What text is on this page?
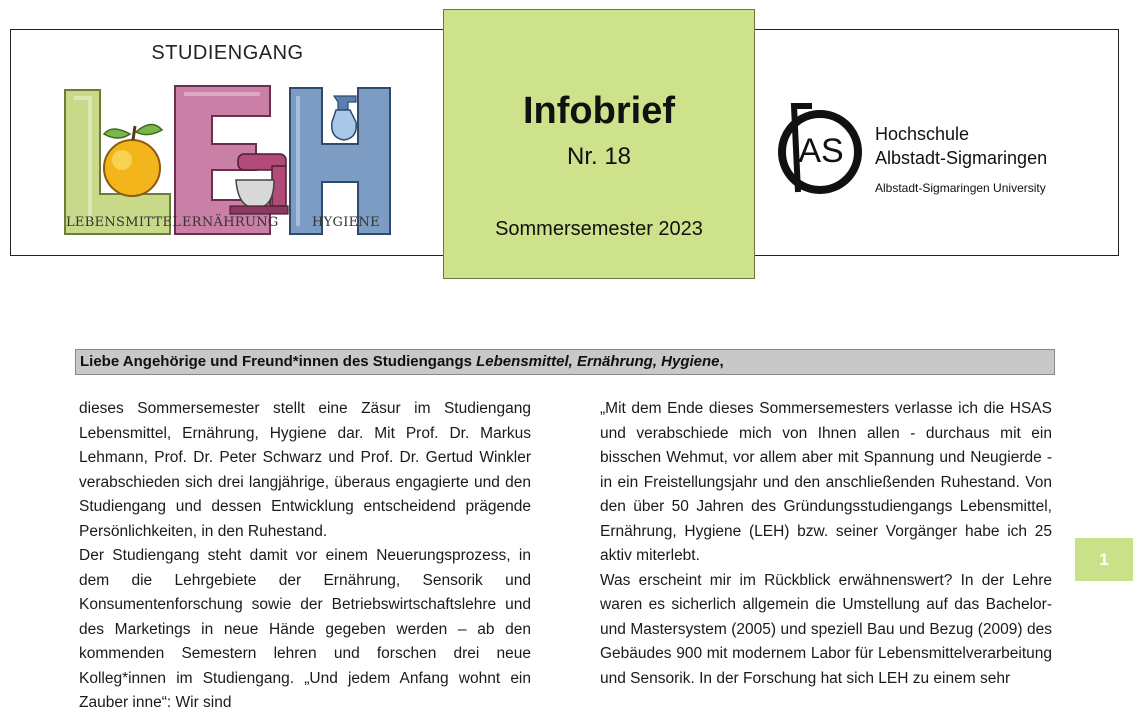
STUDIENGANG
LEBENSMITTEL ERNÄHRUNG	HYGIENE
Infobrief
Nr. 18
Sommersemester 2023
AS Hochschule
Albstadt-Sigmaringen
Albstadt-Sigmaringen University
Liebe Angehörige und Freund*innen des Studiengangs Lebensmittel, Ernährung, Hygiene,

dieses Sommersemester stellt eine Zäsur im Studiengang Lebensmittel, Ernährung, Hygiene dar. Mit Prof. Dr. Markus Lehmann, Prof. Dr. Peter Schwarz und Prof. Dr. Gertud Winkler verabschieden sich drei langjährige, überaus engagierte und den Studiengang und dessen Entwicklung entscheidend prägende Persönlichkeiten, in den Ruhestand.

Der Studiengang steht damit vor einem Neuerungsprozess, in dem die Lehrgebiete der Ernährung, Sensorik und Konsumentenforschung sowie der Betriebswirtschaftslehre und des Marketings in neue Hände gegeben werden – ab den kommenden Semestern lehren und forschen drei neue Kolleg*innen im Studiengang. „Und jedem Anfang wohnt ein Zauber inne“: Wir sind

„Mit dem Ende dieses Sommersemesters verlasse ich die HSAS und verabschiede mich von Ihnen allen - durchaus mit ein bisschen Wehmut, vor allem aber mit Spannung und Neugierde - in ein Freistellungsjahr und den anschließenden Ruhestand. Von den über 50 Jahren des Gründungsstudiengangs Lebensmittel, Ernährung, Hygiene (LEH) bzw. seiner Vorgänger habe ich 25 aktiv miterlebt.

Was erscheint mir im Rückblick erwähnenswert? In der Lehre waren es sicherlich allgemein die Umstellung auf das Bachelor- und Mastersystem (2005) und speziell Bau und Bezug (2009) des Gebäudes 900 mit modernem Labor für Lebensmittelverarbeitung und Sensorik. In der Forschung hat sich LEH zu einem sehr

1
